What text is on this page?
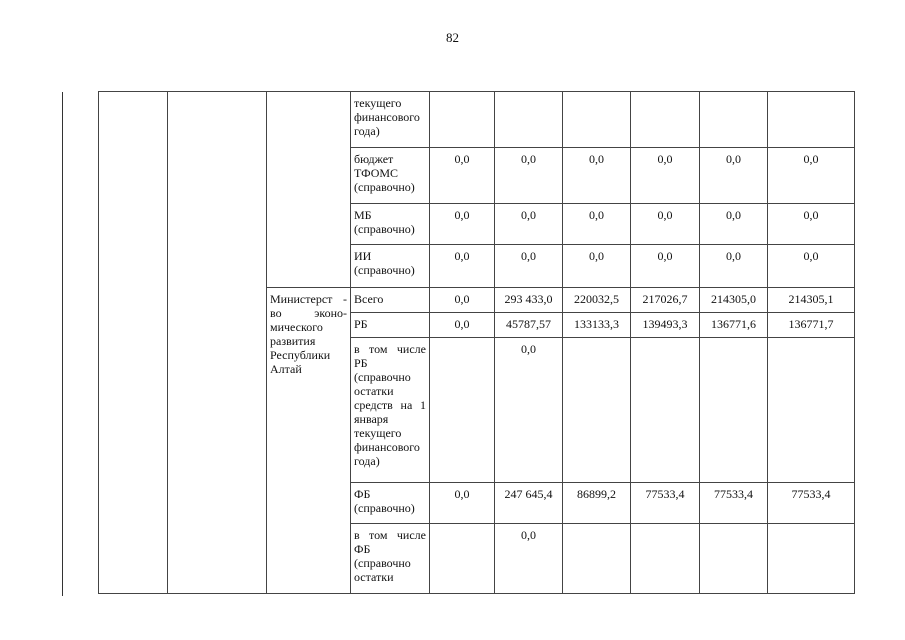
82
			текущего финансового года)						
			бюджет ТФОМС (справочно)	0,0	0,0	0,0	0,0	0,0	0,0
			МБ (справочно)	0,0	0,0	0,0	0,0	0,0	0,0
			ИИ (справочно)	0,0	0,0	0,0	0,0	0,0	0,0
		Министерст - во эконо- мического развития Республики Алтай	Всего	0,0	293 433,0	220032,5	217026,7	214305,0	214305,1
			РБ	0,0	45787,57	133133,3	139493,3	136771,6	136771,7
			в том числе РБ (справочно остатки средств на 1 января текущего финансового года)		0,0				
			ФБ (справочно)	0,0	247 645,4	86899,2	77533,4	77533,4	77533,4
			в том числе ФБ (справочно остатки		0,0				
